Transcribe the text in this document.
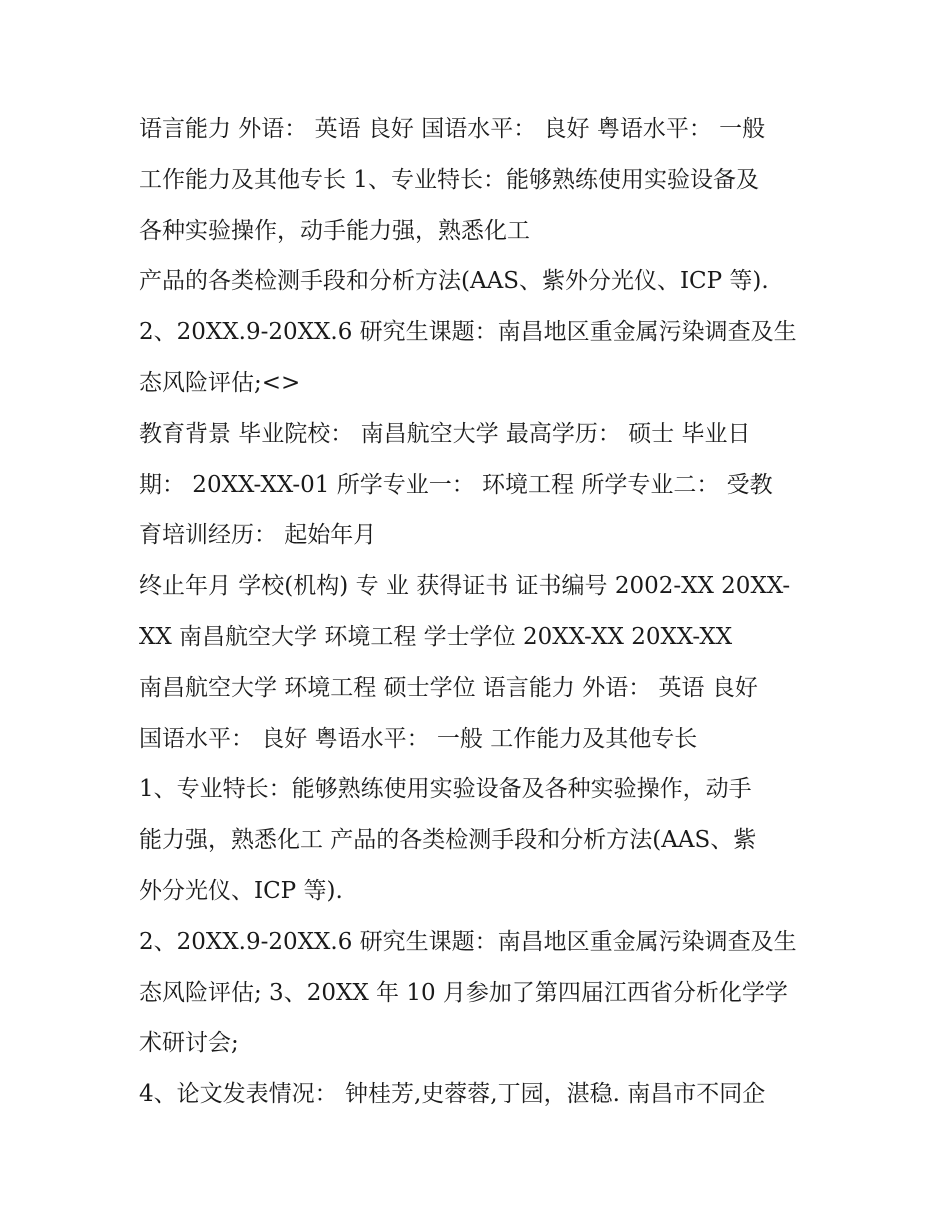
语言能力 外语： 英语 良好 国语水平： 良好 粤语水平： 一般
工作能力及其他专长 1、专业特长：能够熟练使用实验设备及
各种实验操作，动手能力强，熟悉化工
产品的各类检测手段和分析方法(AAS、紫外分光仪、ICP 等).
2、20XX.9-20XX.6 研究生课题：南昌地区重金属污染调查及生
态风险评估;<>
教育背景 毕业院校： 南昌航空大学 最高学历： 硕士 毕业日
期： 20XX-XX-01 所学专业一： 环境工程 所学专业二： 受教
育培训经历： 起始年月
终止年月 学校(机构) 专 业 获得证书 证书编号 2002-XX 20XX-
XX 南昌航空大学 环境工程 学士学位 20XX-XX 20XX-XX
南昌航空大学 环境工程 硕士学位 语言能力 外语： 英语 良好
国语水平： 良好 粤语水平： 一般 工作能力及其他专长
1、专业特长：能够熟练使用实验设备及各种实验操作，动手
能力强，熟悉化工 产品的各类检测手段和分析方法(AAS、紫
外分光仪、ICP 等).
2、20XX.9-20XX.6 研究生课题：南昌地区重金属污染调查及生
态风险评估; 3、20XX 年 10 月参加了第四届江西省分析化学学
术研讨会;
4、论文发表情况： 钟桂芳,史蓉蓉,丁园，湛稳. 南昌市不同企
